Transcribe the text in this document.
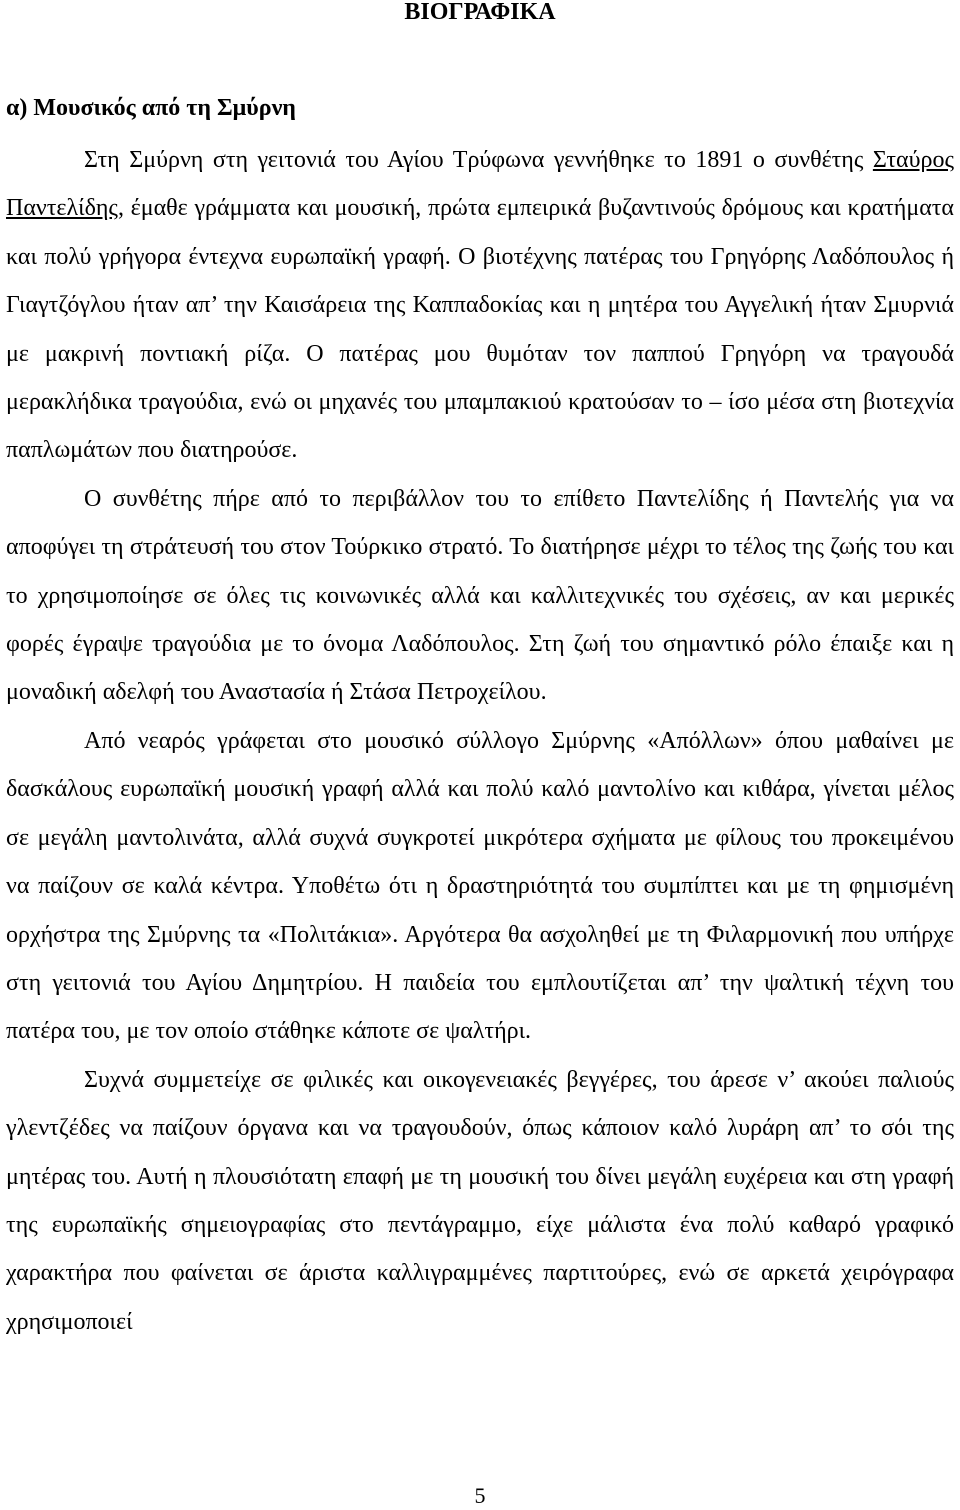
ΒΙΟΓΡΑΦΙΚΑ
α) Μουσικός από τη Σμύρνη

Στη Σμύρνη στη γειτονιά του Αγίου Τρύφωνα γεννήθηκε το 1891 ο συνθέτης Σταύρος Παντελίδης, έμαθε γράμματα και μουσική, πρώτα εμπειρικά βυζαντινούς δρόμους και κρατήματα και πολύ γρήγορα έντεχνα ευρωπαϊκή γραφή. Ο βιοτέχνης πατέρας του Γρηγόρης Λαδόπουλος ή Γιαγτζόγλου ήταν απ’ την Καισάρεια της Καππαδοκίας και η μητέρα του Αγγελική ήταν Σμυρνιά με μακρινή ποντιακή ρίζα. Ο πατέρας μου θυμόταν τον παππού Γρηγόρη να τραγουδά μερακλήδικα τραγούδια, ενώ οι μηχανές του μπαμπακιού κρατούσαν το – ίσο μέσα στη βιοτεχνία παπλωμάτων που διατηρούσε.

Ο συνθέτης πήρε από το περιβάλλον του το επίθετο Παντελίδης ή Παντελής για να αποφύγει τη στράτευσή του στον Τούρκικο στρατό. Το διατήρησε μέχρι το τέλος της ζωής του και το χρησιμοποίησε σε όλες τις κοινωνικές αλλά και καλλιτεχνικές του σχέσεις, αν και μερικές φορές έγραψε τραγούδια με το όνομα Λαδόπουλος. Στη ζωή του σημαντικό ρόλο έπαιξε και η μοναδική αδελφή του Αναστασία ή Στάσα Πετροχείλου.

Από νεαρός γράφεται στο μουσικό σύλλογο Σμύρνης «Απόλλων» όπου μαθαίνει με δασκάλους ευρωπαϊκή μουσική γραφή αλλά και πολύ καλό μαντολίνο και κιθάρα, γίνεται μέλος σε μεγάλη μαντολινάτα, αλλά συχνά συγκροτεί μικρότερα σχήματα με φίλους του προκειμένου να παίζουν σε καλά κέντρα. Υποθέτω ότι η δραστηριότητά του συμπίπτει και με τη φημισμένη ορχήστρα της Σμύρνης τα «Πολιτάκια». Αργότερα θα ασχοληθεί με τη Φιλαρμονική που υπήρχε στη γειτονιά του Αγίου Δημητρίου. Η παιδεία του εμπλουτίζεται απ’ την ψαλτική τέχνη του πατέρα του, με τον οποίο στάθηκε κάποτε σε ψαλτήρι.

Συχνά συμμετείχε σε φιλικές και οικογενειακές βεγγέρες, του άρεσε ν’ ακούει παλιούς γλεντζέδες να παίζουν όργανα και να τραγουδούν, όπως κάποιον καλό λυράρη απ’ το σόι της μητέρας του. Αυτή η πλουσιότατη επαφή με τη μουσική του δίνει μεγάλη ευχέρεια και στη γραφή της ευρωπαϊκής σημειογραφίας στο πεντάγραμμο, είχε μάλιστα ένα πολύ καθαρό γραφικό χαρακτήρα που φαίνεται σε άριστα καλλιγραμμένες παρτιτούρες, ενώ σε αρκετά χειρόγραφα χρησιμοποιεί

5
